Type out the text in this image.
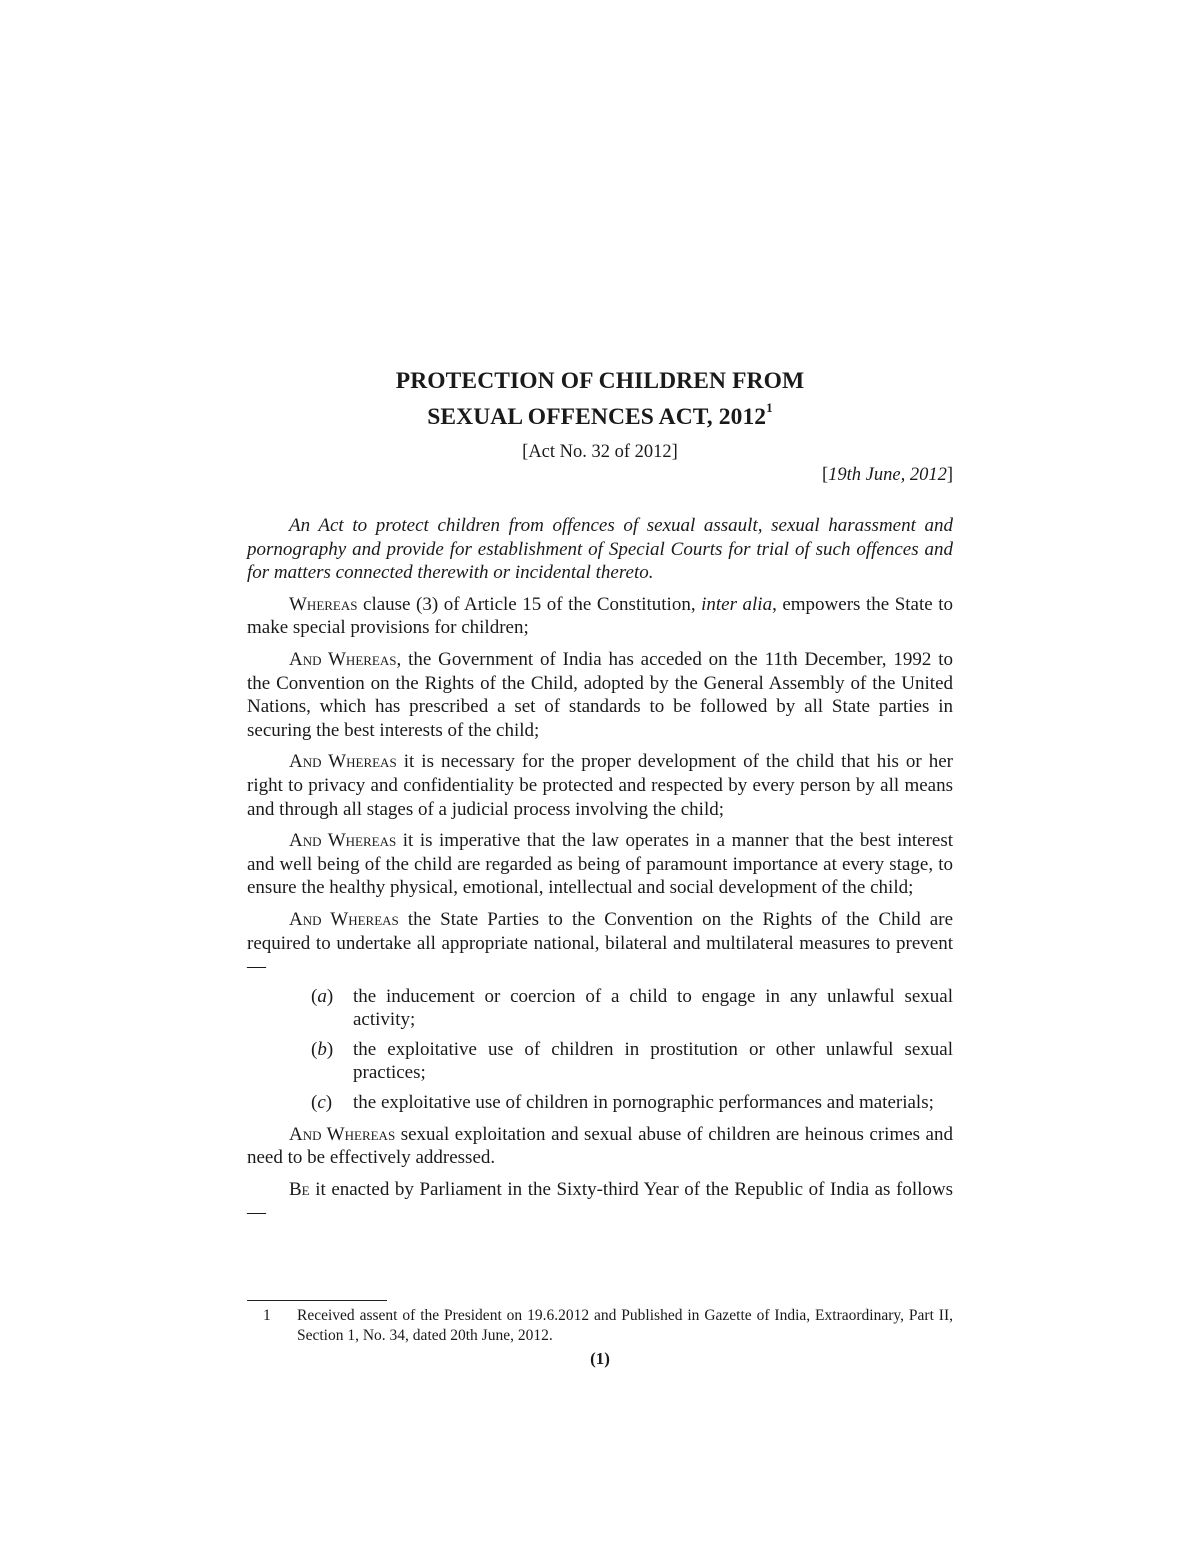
PROTECTION OF CHILDREN FROM
SEXUAL OFFENCES ACT, 2012$^1$
[Act No. 32 of 2012]
[19th June, 2012]

An Act to protect children from offences of sexual assault, sexual harassment and pornography and provide for establishment of Special Courts for trial of such offences and for matters connected therewith or incidental thereto.

Whereas clause (3) of Article 15 of the Constitution, inter alia, empowers the State to make special provisions for children;

And Whereas, the Government of India has acceded on the 11th December, 1992 to the Convention on the Rights of the Child, adopted by the General Assembly of the United Nations, which has prescribed a set of standards to be followed by all State parties in securing the best interests of the child;

And Whereas it is necessary for the proper development of the child that his or her right to privacy and confidentiality be protected and respected by every person by all means and through all stages of a judicial process involving the child;

And Whereas it is imperative that the law operates in a manner that the best interest and well being of the child are regarded as being of paramount importance at every stage, to ensure the healthy physical, emotional, intellectual and social development of the child;

And Whereas the State Parties to the Convention on the Rights of the Child are required to undertake all appropriate national, bilateral and multilateral measures to prevent—

(a)	the inducement or coercion of a child to engage in any unlawful sexual activity;
(b)	the exploitative use of children in prostitution or other unlawful sexual practices;
(c)	the exploitative use of children in pornographic performances and materials;

And Whereas sexual exploitation and sexual abuse of children are heinous crimes and need to be effectively addressed.

Be it enacted by Parliament in the Sixty-third Year of the Republic of India as follows—

1	Received assent of the President on 19.6.2012 and Published in Gazette of India, Extraordinary, Part II, Section 1, No. 34, dated 20th June, 2012.
(1)
